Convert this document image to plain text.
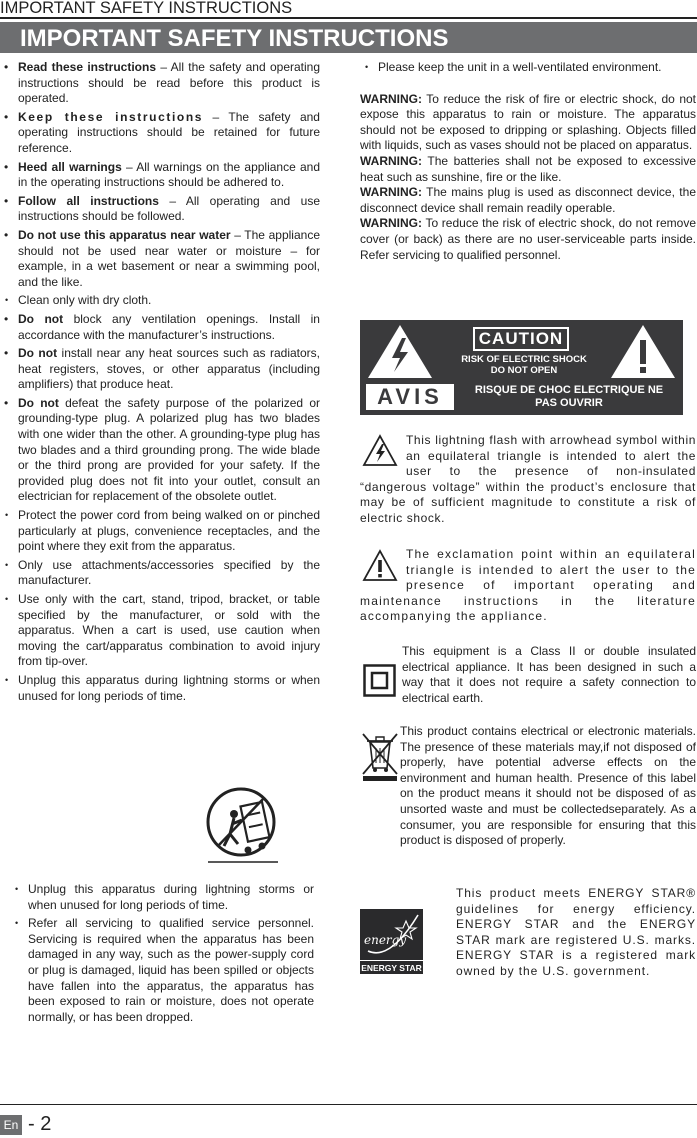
IMPORTANT SAFETY INSTRUCTIONS
IMPORTANT SAFETY INSTRUCTIONS
• Read these instructions – All the safety and operating instructions should be read before this product is operated.
• Keep these instructions – The safety and operating instructions should be retained for future reference.
• Heed all warnings – All warnings on the appliance and in the operating instructions should be adhered to.
• Follow all instructions – All operating and use instructions should be followed.
• Do not use this apparatus near water – The appliance should not be used near water or moisture – for example, in a wet basement or near a swimming pool, and the like.
• Clean only with dry cloth.
• Do not block any ventilation openings. Install in accordance with the manufacturer’s instructions.
• Do not install near any heat sources such as radiators, heat registers, stoves, or other apparatus (including amplifiers) that produce heat.
• Do not defeat the safety purpose of the polarized or grounding-type plug. A polarized plug has two blades with one wider than the other. A grounding-type plug has two blades and a third grounding prong. The wide blade or the third prong are provided for your safety. If the provided plug does not fit into your outlet, consult an electrician for replacement of the obsolete outlet.
• Protect the power cord from being walked on or pinched particularly at plugs, convenience receptacles, and the point where they exit from the apparatus.
• Only use attachments/accessories specified by the manufacturer.
• Use only with the cart, stand, tripod, bracket, or table specified by the manufacturer, or sold with the apparatus. When a cart is used, use caution when moving the cart/apparatus combination to avoid injury from tip-over.
• Unplug this apparatus during lightning storms or when unused for long periods of time.
• Unplug this apparatus during lightning storms or when unused for long periods of time.
• Refer all servicing to qualified service personnel. Servicing is required when the apparatus has been damaged in any way, such as the power-supply cord or plug is damaged, liquid has been spilled or objects have fallen into the apparatus, the apparatus has been exposed to rain or moisture, does not operate normally, or has been dropped.
• Please keep the unit in a well-ventilated environment.

WARNING: To reduce the risk of fire or electric shock, do not expose this apparatus to rain or moisture. The apparatus should not be exposed to dripping or splashing. Objects filled with liquids, such as vases should not be placed on apparatus.

WARNING: The batteries shall not be exposed to excessive heat such as sunshine, fire or the like.

WARNING: The mains plug is used as disconnect device, the disconnect device shall remain readily operable.

WARNING: To reduce the risk of electric shock, do not remove cover (or back) as there are no user-serviceable parts inside. Refer servicing to qualified personnel.

CAUTION
RISK OF ELECTRIC SHOCK
DO NOT OPEN
AVIS	RISQUE DE CHOC ELECTRIQUE NE
PAS OUVRIR
This lightning flash with arrowhead symbol within an equilateral triangle is intended to alert the user to the presence of non-insulated “dangerous voltage” within the product’s enclosure that may be of sufficient magnitude to constitute a risk of electric shock.
The exclamation point within an equilateral triangle is intended to alert the user to the presence of important operating and maintenance instructions in the literature accompanying the appliance.
This equipment is a Class II or double insulated electrical appliance. It has been designed in such a way that it does not require a safety connection to electrical earth.
This product contains electrical or electronic materials. The presence of these materials may,if not disposed of properly, have potential adverse effects on the environment and human health. Presence of this label on the product means it should not be disposed of as unsorted waste and must be collectedseparately. As a consumer, you are responsible for ensuring that this product is disposed of properly.
energy
ENERGY STAR
This product meets ENERGY STAR® guidelines for energy efficiency. ENERGY STAR and the ENERGY STAR mark are registered U.S. marks. ENERGY STAR is a registered mark owned by the U.S. government.
En - 2
